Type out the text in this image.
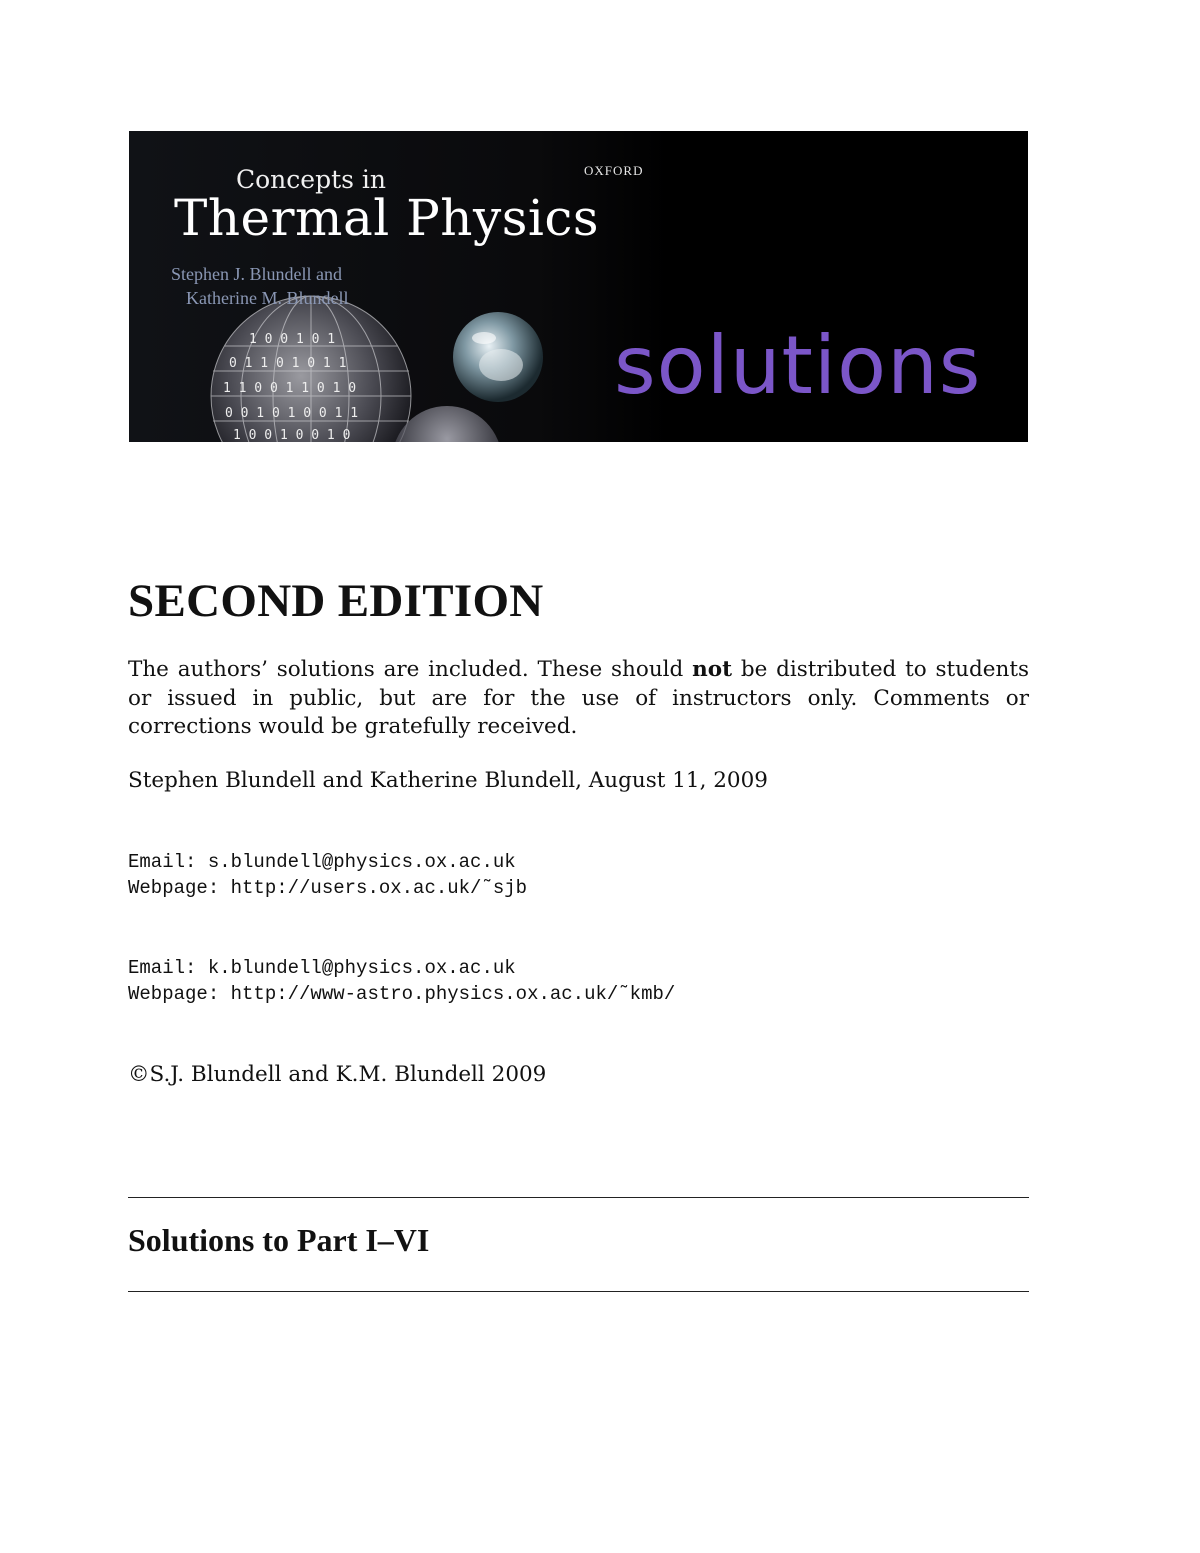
1 0 0 1 0 1
0 1 1 0 1 0 1 1
1 1 0 0 1 1 0 1 0
0 0 1 0 1 0 0 1 1
1 0 0 1 0 0 1 0
Concepts in
Thermal Physics
OXFORD
Stephen J. Blundell and
Katherine M. Blundell
solutions
SECOND EDITION
The authors’ solutions are included. These should not be distributed to students or issued in public, but are for the use of instructors only. Comments or corrections would be gratefully received.
Stephen Blundell and Katherine Blundell, August 11, 2009
Email: s.blundell@physics.ox.ac.uk
Webpage: http://users.ox.ac.uk/˜sjb
Email: k.blundell@physics.ox.ac.uk
Webpage: http://www-astro.physics.ox.ac.uk/˜kmb/
©S.J. Blundell and K.M. Blundell 2009
Solutions to Part I–VI
